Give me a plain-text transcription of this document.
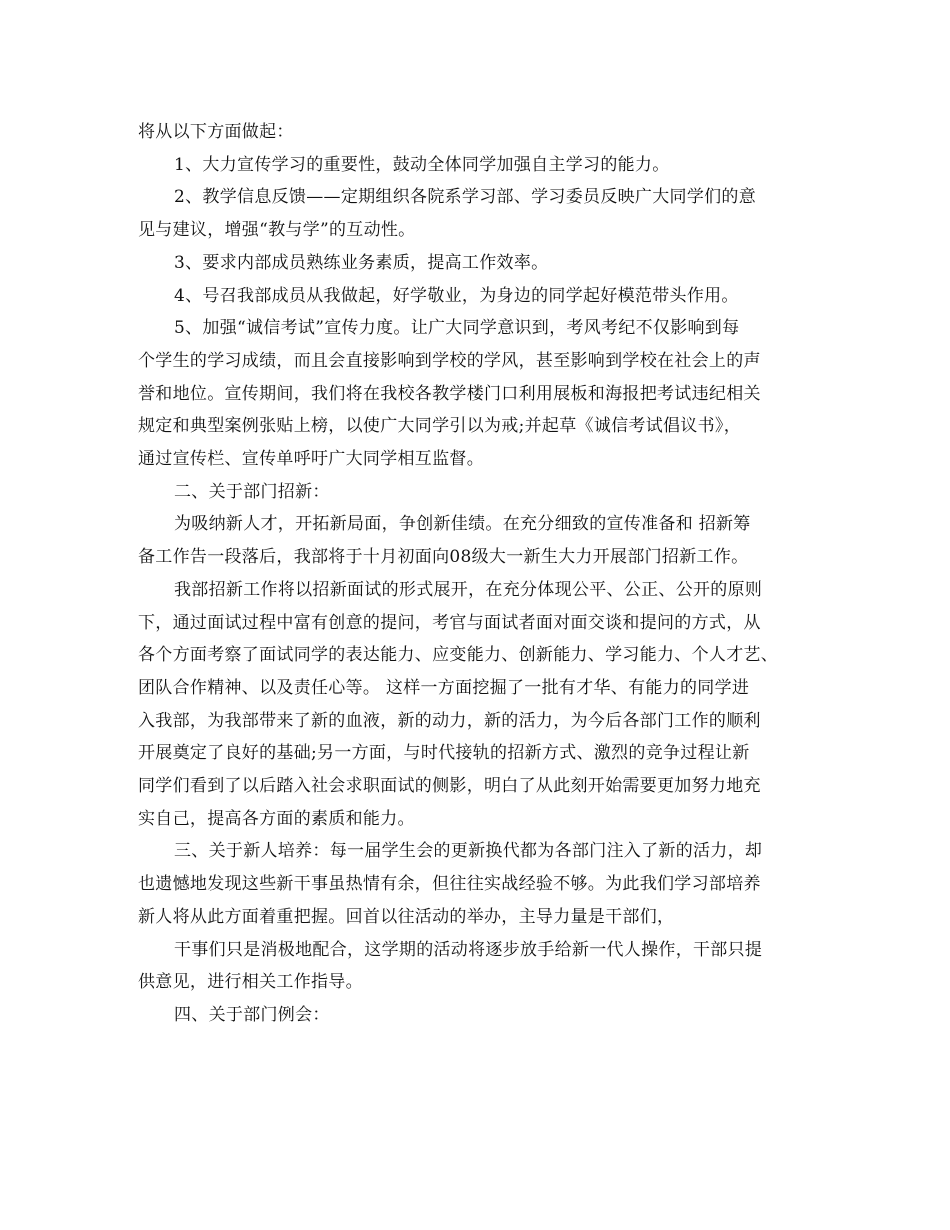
将从以下方面做起：

1、大力宣传学习的重要性，鼓动全体同学加强自主学习的能力。

2、教学信息反馈——定期组织各院系学习部、学习委员反映广大同学们的意
见与建议，增强“教与学”的互动性。

3、要求内部成员熟练业务素质，提高工作效率。

4、号召我部成员从我做起，好学敬业，为身边的同学起好模范带头作用。

5、加强“诚信考试”宣传力度。让广大同学意识到，考风考纪不仅影响到每
个学生的学习成绩，而且会直接影响到学校的学风，甚至影响到学校在社会上的声
誉和地位。宣传期间，我们将在我校各教学楼门口利用展板和海报把考试违纪相关
规定和典型案例张贴上榜，以使广大同学引以为戒;并起草《诚信考试倡议书》，
通过宣传栏、宣传单呼吁广大同学相互监督。

二、关于部门招新：

为吸纳新人才，开拓新局面，争创新佳绩。在充分细致的宣传准备和 招新筹
备工作告一段落后，我部将于十月初面向08级大一新生大力开展部门招新工作。

我部招新工作将以招新面试的形式展开，在充分体现公平、公正、公开的原则
下，通过面试过程中富有创意的提问，考官与面试者面对面交谈和提问的方式，从
各个方面考察了面试同学的表达能力、应变能力、创新能力、学习能力、个人才艺、
团队合作精神、以及责任心等。 这样一方面挖掘了一批有才华、有能力的同学进
入我部，为我部带来了新的血液，新的动力，新的活力，为今后各部门工作的顺利
开展奠定了良好的基础;另一方面，与时代接轨的招新方式、激烈的竞争过程让新
同学们看到了以后踏入社会求职面试的侧影，明白了从此刻开始需要更加努力地充
实自己，提高各方面的素质和能力。

三、关于新人培养：每一届学生会的更新换代都为各部门注入了新的活力，却
也遗憾地发现这些新干事虽热情有余，但往往实战经验不够。为此我们学习部培养
新人将从此方面着重把握。回首以往活动的举办，主导力量是干部们，

干事们只是消极地配合，这学期的活动将逐步放手给新一代人操作，干部只提
供意见，进行相关工作指导。

四、关于部门例会：
